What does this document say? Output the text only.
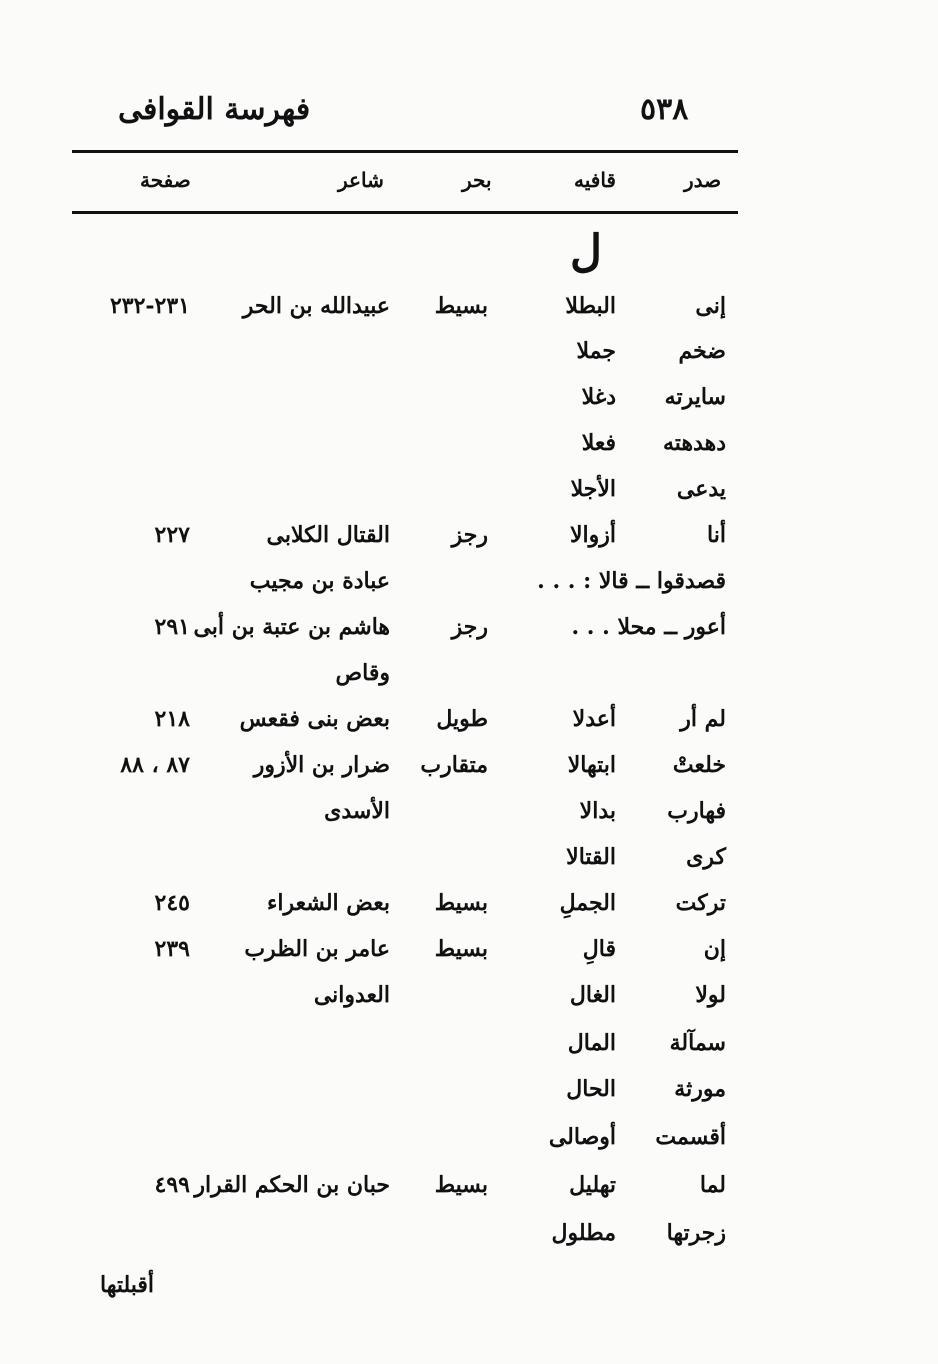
فهرسة القوافى	٥٣٨
صدر
قافيه
بحر
شاعر
صفحة
ل
إنى
البطلا
بسيط
عبيدالله بن الحر
٢٣١-٢٣٢
ضخم
جملا
سايرته
دغلا
دهدهته
فعلا
يدعى
الأجلا
أنا
أزوالا
رجز
القتال الكلابى
٢٢٧
قصدقوا ــ قالا : . . .
عبادة بن مجيب
أعور ــ محلا . . .
رجز
هاشم بن عتبة بن أبى
٢٩١
وقاص
لم أر
أعدلا
طويل
بعض بنى فقعس
٢١٨
خلعتْ
ابتهالا
متقارب
ضرار بن الأزور
٨٧ ، ٨٨
فهارب
بدالا
الأسدى
كرى
القتالا
تركت
الجملِ
بسيط
بعض الشعراء
٢٤٥
إن
قالِ
بسيط
عامر بن الظرب
٢٣٩
لولا
الغال
العدوانى
سمآلة
المال
مورثة
الحال
أقسمت
أوصالى
لما
تهليل
بسيط
حبان بن الحكم القرار
٤٩٩
زجرتها
مطلول
أقبلتها
